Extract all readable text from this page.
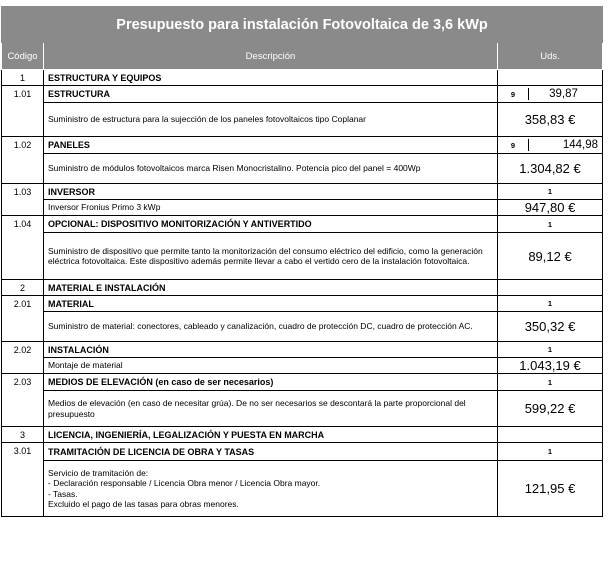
Presupuesto para instalación Fotovoltaica de 3,6 kWp		
Código	Descripción	Uds.
1	ESTRUCTURA Y EQUIPOS	
1.01	ESTRUCTURA	9 39,87

	Suministro de estructura para la sujección de los paneles fotovoltaicos tipo Coplanar	358,83 €
1.02	PANELES	9 144,98

	Suministro de módulos fotovoltaicos marca Risen Monocristalino. Potencia pico del panel = 400Wp	1.304,82 €
1.03	INVERSOR	1
	Inversor Fronius Primo 3 kWp	947,80 €
1.04	OPCIONAL: DISPOSITIVO MONITORIZACIÓN Y ANTIVERTIDO	1
	Suministro de dispositivo que permite tanto la monitorización del consumo eléctrico del edificio, como la generación eléctrica fotovoltaica. Este dispositivo además permite llevar a cabo el vertido cero de la instalación fotovoltaica.	89,12 €
2	MATERIAL E INSTALACIÓN	
2.01	MATERIAL	1
	Suministro de material: conectores, cableado y canalización, cuadro de protección DC, cuadro de protección AC.	350,32 €
2.02	INSTALACIÓN	1
	Montaje de material	1.043,19 €
2.03	MEDIOS DE ELEVACIÓN (en caso de ser necesarios)	1
	Medios de elevación (en caso de necesitar grúa). De no ser necesarios se descontará la parte proporcional del presupuesto	599,22 €
3	LICENCIA, INGENIERÍA, LEGALIZACIÓN Y PUESTA EN MARCHA	
3.01	TRAMITACIÓN DE LICENCIA DE OBRA Y TASAS	1

	Servicio de tramitación de:
- Declaración responsable / Licencia Obra menor / Licencia Obra mayor.
- Tasas.
Excluido el pago de las tasas para obras menores.	121,95 €
